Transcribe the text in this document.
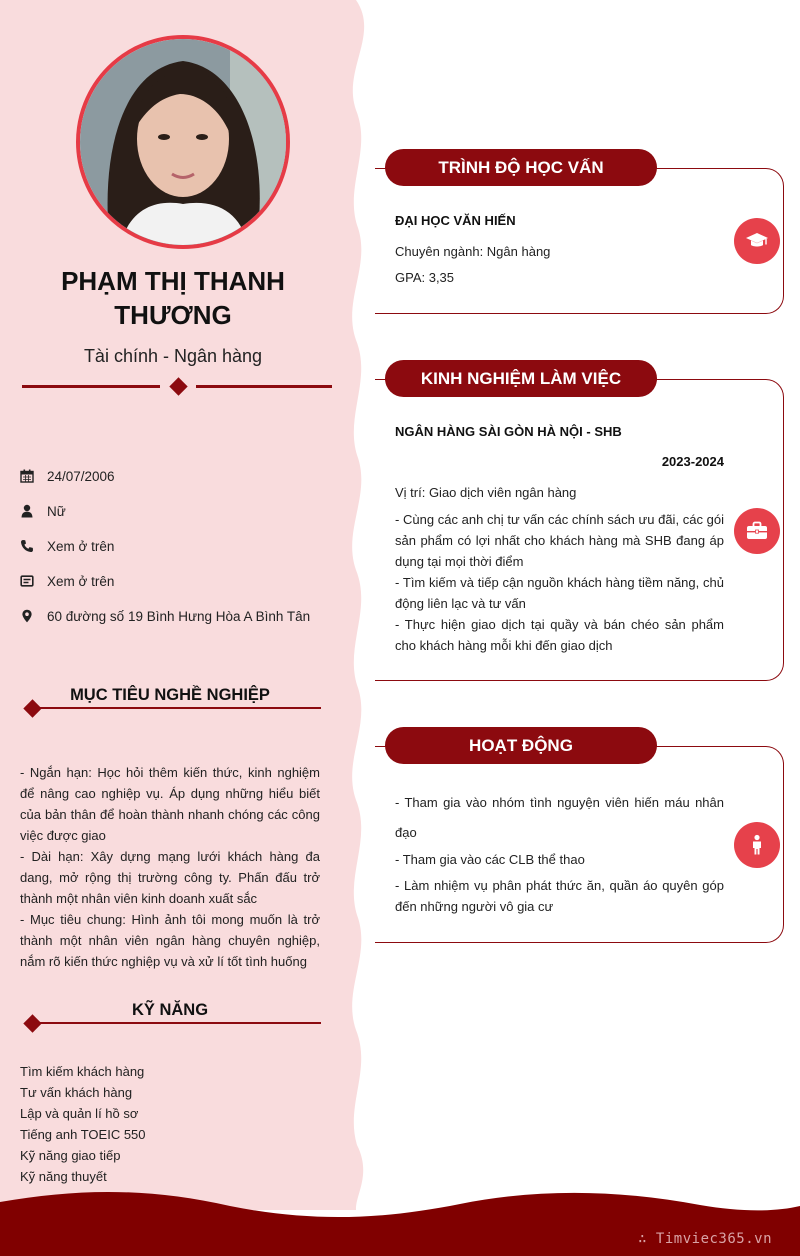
PHẠM THỊ THANH
THƯƠNG
Tài chính - Ngân hàng
24/07/2006
Nữ
Xem ở trên
Xem ở trên
60 đường số 19 Bình Hưng Hòa A Bình Tân
MỤC TIÊU NGHỀ NGHIỆP
- Ngắn hạn: Học hỏi thêm kiến thức, kinh nghiệm để nâng cao nghiệp vụ. Áp dụng những hiểu biết của bản thân để hoàn thành nhanh chóng các công việc được giao
- Dài hạn: Xây dựng mạng lưới khách hàng đa dang, mở rộng thị trường công ty. Phấn đấu trở thành một nhân viên kinh doanh xuất sắc
- Mục tiêu chung: Hình ảnh tôi mong muốn là trở thành một nhân viên ngân hàng chuyên nghiệp, nắm rõ kiến thức nghiệp vụ và xử lí tốt tình huống
KỸ NĂNG
Tìm kiếm khách hàng
Tư vấn khách hàng
Lập và quản lí hồ sơ
Tiếng anh TOEIC 550
Kỹ năng giao tiếp
Kỹ năng thuyết
TRÌNH ĐỘ HỌC VẤN
ĐẠI HỌC VĂN HIẾN
Chuyên ngành: Ngân hàng
GPA: 3,35
KINH NGHIỆM LÀM VIỆC
NGÂN HÀNG SÀI GÒN HÀ NỘI - SHB
2023-2024
Vị trí: Giao dịch viên ngân hàng
- Cùng các anh chị tư vấn các chính sách ưu đãi, các gói sản phẩm có lợi nhất cho khách hàng mà SHB đang áp dụng tại mọi thời điểm
- Tìm kiếm và tiếp cận nguồn khách hàng tiềm năng, chủ động liên lạc và tư vấn
- Thực hiện giao dịch tại quầy và bán chéo sản phẩm cho khách hàng mỗi khi đến giao dịch
HOẠT ĐỘNG
- Tham gia vào nhóm tình nguyện viên hiến máu nhân đạo
- Tham gia vào các CLB thể thao
- Làm nhiệm vụ phân phát thức ăn, quần áo quyên góp đến những người vô gia cư
∴ Timviec365.vn
